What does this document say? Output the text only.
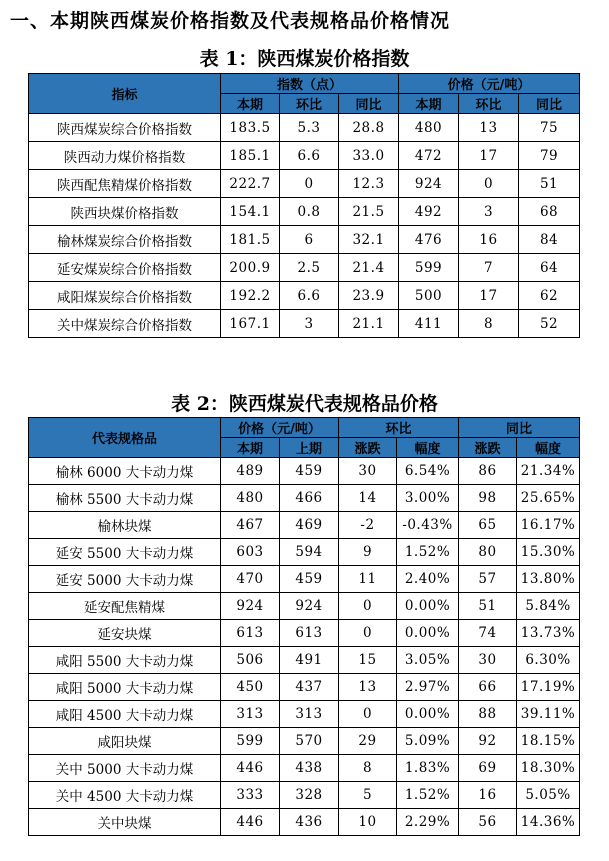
一、本期陕西煤炭价格指数及代表规格品价格情况
表 1：陕西煤炭价格指数
指标	指数（点）			价格（元/吨）		
	本期	环比	同比	本期	环比	同比
陕西煤炭综合价格指数	183.5	5.3	28.8	480	13	75
陕西动力煤价格指数	185.1	6.6	33.0	472	17	79
陕西配焦精煤价格指数	222.7	0	12.3	924	0	51
陕西块煤价格指数	154.1	0.8	21.5	492	3	68
榆林煤炭综合价格指数	181.5	6	32.1	476	16	84
延安煤炭综合价格指数	200.9	2.5	21.4	599	7	64
咸阳煤炭综合价格指数	192.2	6.6	23.9	500	17	62
关中煤炭综合价格指数	167.1	3	21.1	411	8	52
表 2：陕西煤炭代表规格品价格
代表规格品	价格（元/吨）		环比		同比	
	本期	上期	涨跌	幅度	涨跌	幅度
榆林 6000 大卡动力煤	489	459	30	6.54%	86	21.34%
榆林 5500 大卡动力煤	480	466	14	3.00%	98	25.65%
榆林块煤	467	469	-2	-0.43%	65	16.17%
延安 5500 大卡动力煤	603	594	9	1.52%	80	15.30%
延安 5000 大卡动力煤	470	459	11	2.40%	57	13.80%
延安配焦精煤	924	924	0	0.00%	51	5.84%
延安块煤	613	613	0	0.00%	74	13.73%
咸阳 5500 大卡动力煤	506	491	15	3.05%	30	6.30%
咸阳 5000 大卡动力煤	450	437	13	2.97%	66	17.19%
咸阳 4500 大卡动力煤	313	313	0	0.00%	88	39.11%
咸阳块煤	599	570	29	5.09%	92	18.15%
关中 5000 大卡动力煤	446	438	8	1.83%	69	18.30%
关中 4500 大卡动力煤	333	328	5	1.52%	16	5.05%
关中块煤	446	436	10	2.29%	56	14.36%
